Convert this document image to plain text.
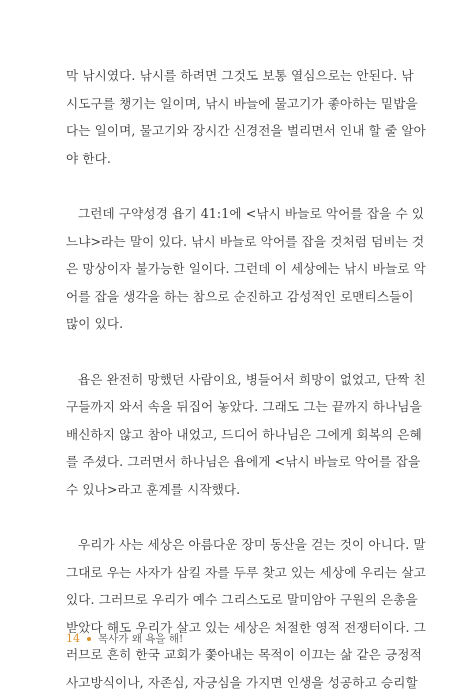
막 낚시였다. 낚시를 하려면 그것도 보통 열심으로는 안된다. 낚
시도구를 챙기는 일이며, 낚시 바늘에 물고기가 좋아하는 밑밥을
다는 일이며, 물고기와 장시간 신경전을 벌리면서 인내 할 줄 알아
야 한다.
그런데 구약성경 욥기 41:1에 <낚시 바늘로 악어를 잡을 수 있
느냐>라는 말이 있다. 낚시 바늘로 악어를 잡을 것처럼 덤비는 것
은 망상이자 불가능한 일이다. 그런데 이 세상에는 낚시 바늘로 악
어를 잡을 생각을 하는 참으로 순진하고 감성적인 로맨티스들이
많이 있다.
욥은 완전히 망했던 사람이요, 병들어서 희망이 없었고, 단짝 친
구들까지 와서 속을 뒤집어 놓았다. 그래도 그는 끝까지 하나님을
배신하지 않고 참아 내었고, 드디어 하나님은 그에게 회복의 은혜
를 주셨다. 그러면서 하나님은 욥에게 <낚시 바늘로 악어를 잡을
수 있나>라고 훈계를 시작했다.
우리가 사는 세상은 아름다운 장미 동산을 걷는 것이 아니다. 말
그대로 우는 사자가 삼킬 자를 두루 찾고 있는 세상에 우리는 살고
있다. 그러므로 우리가 예수 그리스도로 말미암아 구원의 은총을
받았다 해도 우리가 살고 있는 세상은 처절한 영적 전쟁터이다. 그
러므로 흔히 한국 교회가 쫓아내는 목적이 이끄는 삶 같은 긍정적
사고방식이나, 자존심, 자긍심을 가지면 인생을 성공하고 승리할
14 목사가 왜 욕을 해!
